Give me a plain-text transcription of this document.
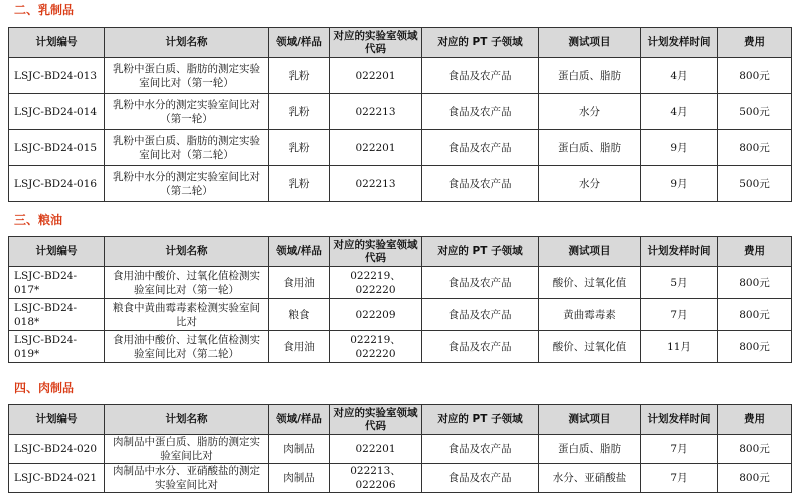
二、乳制品
计划编号	计划名称	领域/样品	对应的实验室领域代码	对应的 PT 子领域	测试项目	计划发样时间	费用
LSJC-BD24-013	乳粉中蛋白质、脂肪的测定实验室间比对（第一轮）	乳粉	022201	食品及农产品	蛋白质、脂肪	4月	800元
LSJC-BD24-014	乳粉中水分的测定实验室间比对（第一轮）	乳粉	022213	食品及农产品	水分	4月	500元
LSJC-BD24-015	乳粉中蛋白质、脂肪的测定实验室间比对（第二轮）	乳粉	022201	食品及农产品	蛋白质、脂肪	9月	800元
LSJC-BD24-016	乳粉中水分的测定实验室间比对（第二轮）	乳粉	022213	食品及农产品	水分	9月	500元
三、粮油
计划编号	计划名称	领域/样品	对应的实验室领域代码	对应的 PT 子领域	测试项目	计划发样时间	费用
LSJC-BD24-017*	食用油中酸价、过氧化值检测实验室间比对（第一轮）	食用油	022219、022220	食品及农产品	酸价、过氧化值	5月	800元
LSJC-BD24-018*	粮食中黄曲霉毒素检测实验室间比对	粮食	022209	食品及农产品	黄曲霉毒素	7月	800元
LSJC-BD24-019*	食用油中酸价、过氧化值检测实验室间比对（第二轮）	食用油	022219、022220	食品及农产品	酸价、过氧化值	11月	800元
四、肉制品
计划编号	计划名称	领域/样品	对应的实验室领域代码	对应的 PT 子领域	测试项目	计划发样时间	费用
LSJC-BD24-020	肉制品中蛋白质、脂肪的测定实验室间比对	肉制品	022201	食品及农产品	蛋白质、脂肪	7月	800元
LSJC-BD24-021	肉制品中水分、亚硝酸盐的测定实验室间比对	肉制品	022213、022206	食品及农产品	水分、亚硝酸盐	7月	800元
